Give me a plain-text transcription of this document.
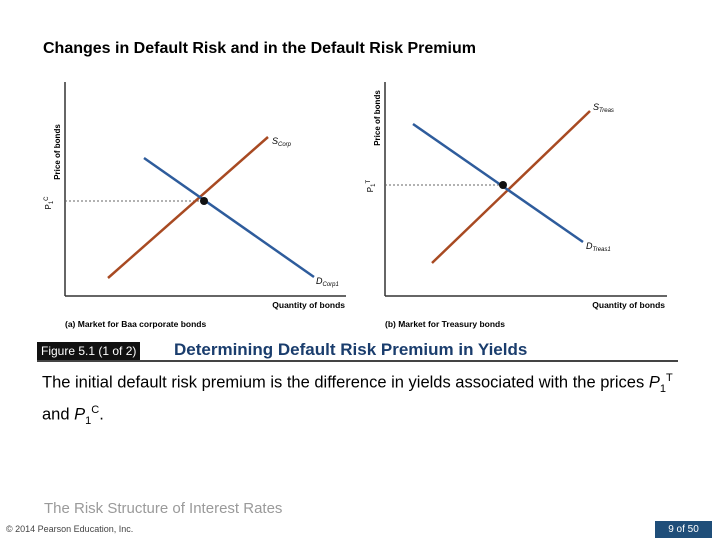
Changes in Default Risk and in the Default Risk Premium
Price of bonds
Quantity of bonds
(a) Market for Baa corporate bonds
$P_1^C$
$S_{Corp}$
$D_{Corp1}$
Price of bonds
Quantity of bonds
(b) Market for Treasury bonds
$P_1^T$
$S_{Treas}$
$D_{Treas1}$
Figure 5.1 (1 of 2) Determining Default Risk Premium in Yields
The initial default risk premium is the difference in yields associated with the prices $P_1^T$ and $P_1^C$.
The Risk Structure of Interest Rates
© 2014 Pearson Education, Inc.	9 of 50
